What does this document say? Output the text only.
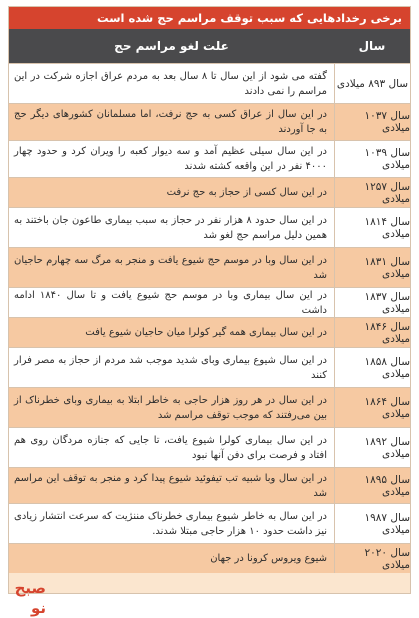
برخی رخدادهایی که سبب توقف مراسم حج شده است
سال
علت لغو مراسم حج
سال ۸۹۳ میلادی
گفته می شود از این سال تا ۸ سال بعد به مردم عراق اجازه شرکت در این مراسم را نمی دادند
سال ۱۰۳۷ میلادی
در این سال از عراق کسی به حج نرفت، اما مسلمانان کشورهای دیگر حج به جا آوردند
سال ۱۰۳۹ میلادی
در این سال سیلی عظیم آمد و سه دیوار کعبه را ویران کرد و حدود چهار ۴۰۰۰ نفر در این واقعه کشته شدند
سال ۱۲۵۷ میلادی
در این سال کسی از حجاز به حج نرفت
سال ۱۸۱۴ میلادی
در این سال حدود ۸ هزار نفر در حجاز به سبب بیماری طاعون جان باختند به همین دلیل مراسم حج لغو شد
سال ۱۸۳۱ میلادی
در این سال وبا در موسم حج شیوع یافت و منجر به مرگ سه چهارم حاجیان شد
سال ۱۸۳۷ میلادی
در این سال بیماری وبا در موسم حج شیوع یافت و تا سال ۱۸۴۰ ادامه داشت
سال ۱۸۴۶ میلادی
در این سال بیماری همه گیر کولرا میان حاجیان شیوع یافت
سال ۱۸۵۸ میلادی
در این سال شیوع بیماری وبای شدید موجب شد مردم از حجاز به مصر فرار کنند
سال ۱۸۶۴ میلادی
در این سال در هر روز هزار حاجی به خاطر ابتلا به بیماری وبای خطرناک از بین می‌رفتند که موجب توقف مراسم شد
سال ۱۸۹۲ میلادی
در این سال بیماری کولرا شیوع یافت، تا جایی که جنازه مردگان روی هم افتاد و فرصت برای دفن آنها نبود
سال ۱۸۹۵ میلادی
در این سال وبا شبیه تب تیفوئید شیوع پیدا کرد و منجر به توقف این مراسم شد
سال ۱۹۸۷ میلادی
در این سال به خاطر شیوع بیماری خطرناک مننژیت که سرعت انتشار زیادی نیز داشت حدود ۱۰ هزار حاجی مبتلا شدند.
سال ۲۰۲۰ میلادی
شیوع ویروس کرونا در جهان
صبح
